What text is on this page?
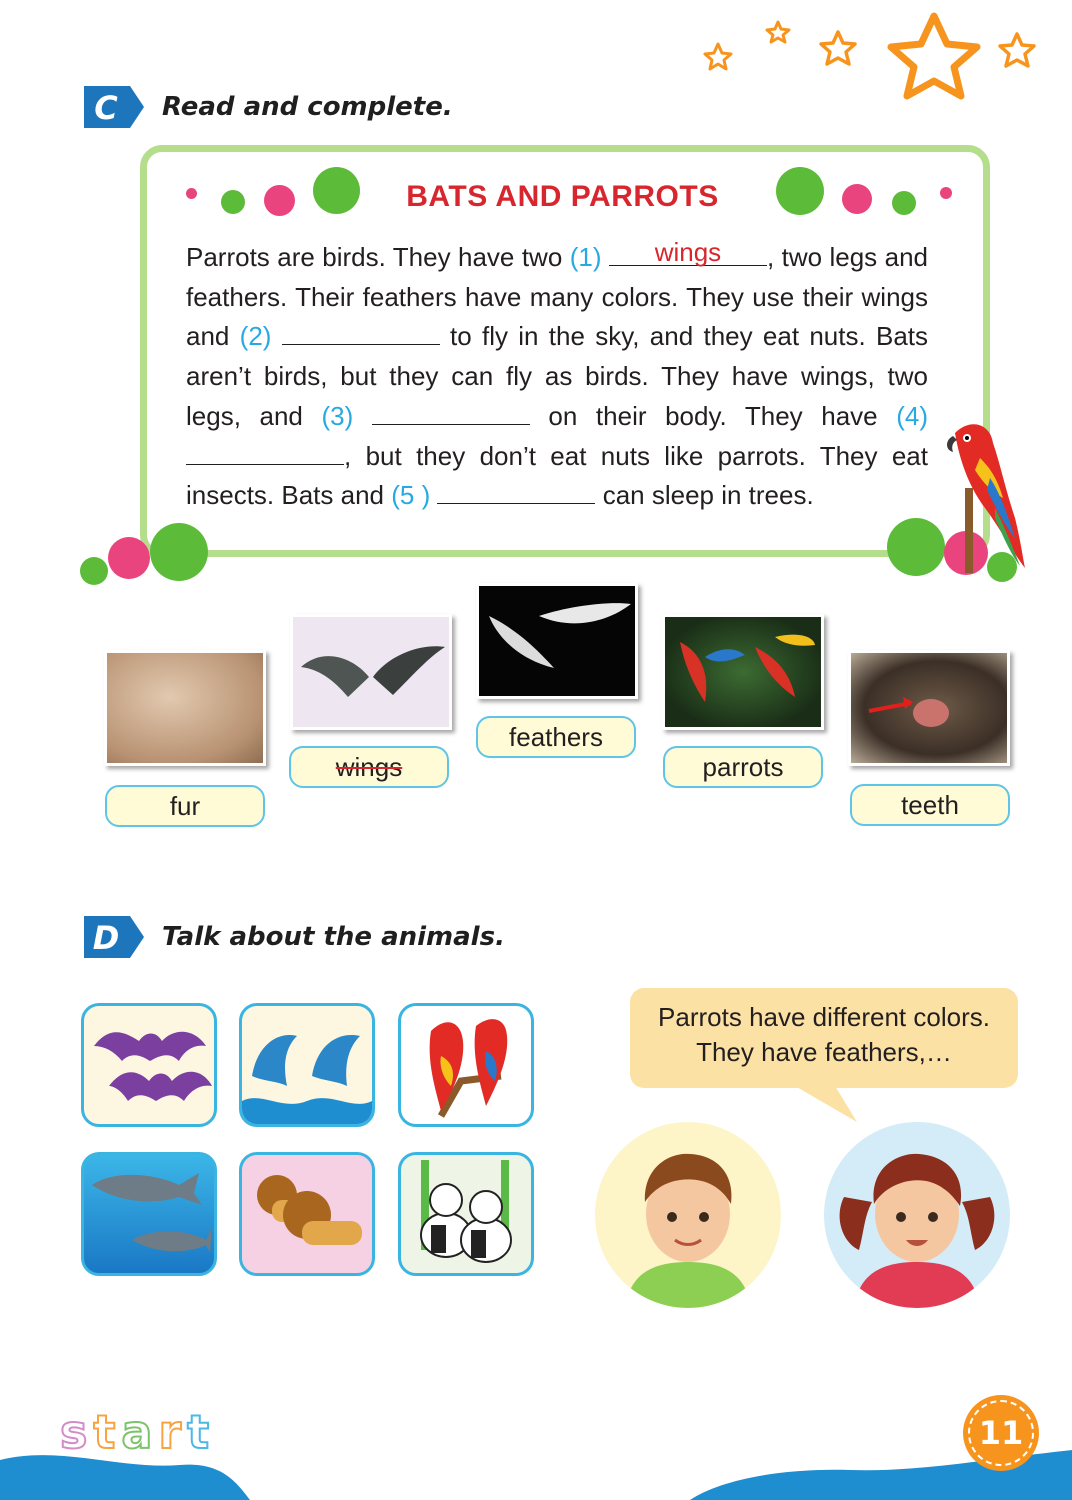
C Read and complete.
BATS AND PARROTS
Parrots are birds. They have two (1)	wings	, two legs and feathers. Their feathers have many colors. They use their wings and (2)	to fly in the sky, and they eat nuts. Bats aren’t birds, but they can fly as birds. They have wings, two legs, and (3)	on their body. They have (4) , but they don’t eat nuts like parrots. They eat insects. Bats and (5 )	can sleep in trees.
fur
wings
feathers
parrots
teeth
D Talk about the animals.
Parrots have different colors.
They have feathers,…
start	11
